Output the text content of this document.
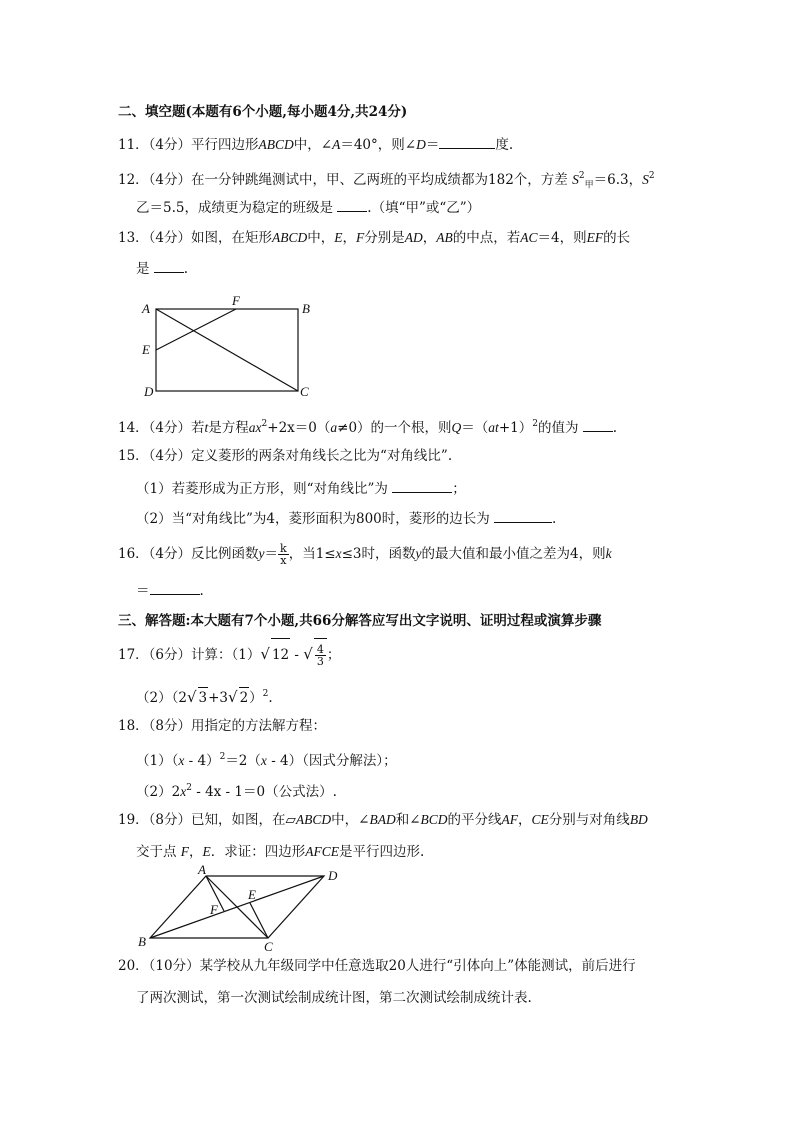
二、填空题(本题有6个小题,每小题4分,共24分)
11．（4分）平行四边形ABCD中，∠A＝40°，则∠D＝	度.
12．（4分）在一分钟跳绳测试中，甲、乙两班的平均成绩都为182个，方差 $S^2_甲=6.3$，$S^2$
乙＝5.5，成绩更为稳定的班级是	.（填“甲”或“乙”）
13．（4分）如图，在矩形ABCD中，E，F分别是AD，AB的中点，若AC＝4，则EF的长
是	.
A
F
B
E
D	C
14．（4分）若t是方程$ax^2+2x=0(a\ne 0)$的一个根，则$Q=(at+1)^2$的值为	.
15．（4分）定义菱形的两条对角线长之比为“对角线比”.
（1）若菱形成为正方形，则“对角线比”为	；
（2）当“对角线比”为4，菱形面积为800时，菱形的边长为	.
16．（4分）反比例函数$y= \frac{k}{x}$ ，当1≤x≤3时，函数y的最大值和最小值之差为4，则k
＝	.
三、解答题:本大题有7个小题,共66分解答应写出文字说明、证明过程或演算步骤
17．（6分）计算：（1）√ 12 - √ $\frac{4}{3}$ ；
（2）（2√ 3+3√ 2）$^2$.
18．（8分）用指定的方法解方程：
（1）（x - 4）$^2$＝2（x - 4）（因式分解法）；
$(2)2x^2 - 4x - 1=0$（公式法）.
19．（8分）已知，如图，在▱ABCD中，∠BAD和∠BCD的平分线AF，CE分别与对角线BD
交于点 F，E．求证：四边形AFCE是平行四边形.
A	D
E
F
B	C
20．（10分）某学校从九年级同学中任意选取20人进行“引体向上”体能测试，前后进行
了两次测试，第一次测试绘制成统计图，第二次测试绘制成统计表.
